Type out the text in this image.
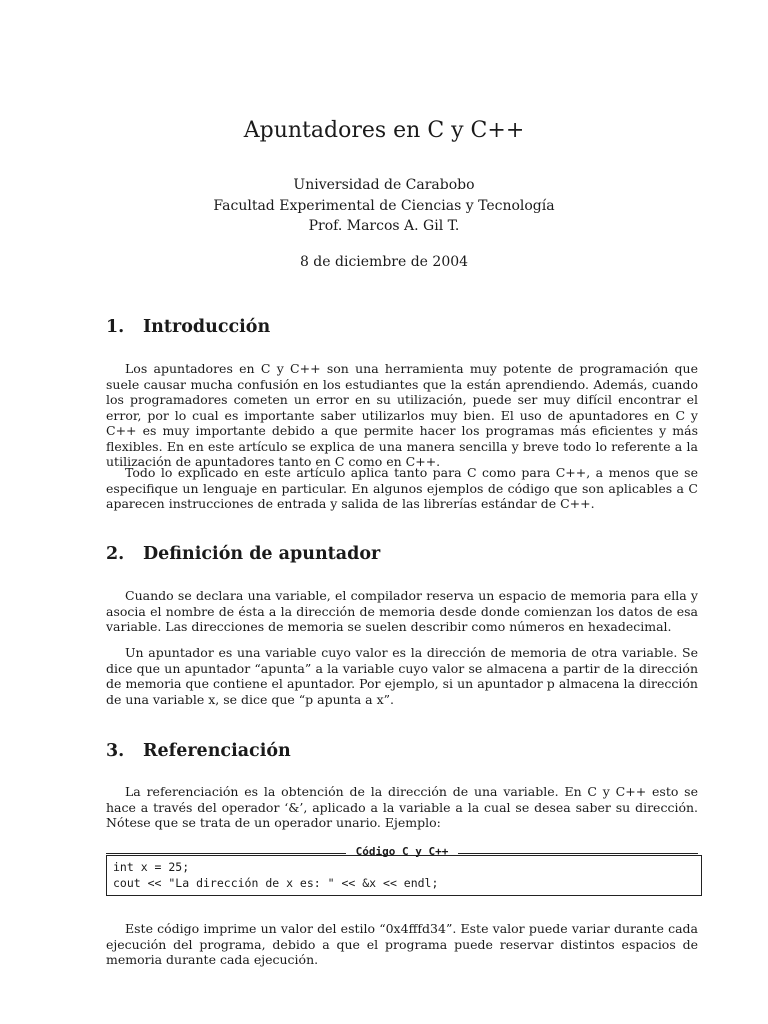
Apuntadores en C y C++
Universidad de Carabobo
Facultad Experimental de Ciencias y Tecnología
Prof. Marcos A. Gil T.
8 de diciembre de 2004
1. Introducción

Los apuntadores en C y C++ son una herramienta muy potente de programación que suele causar mucha confusión en los estudiantes que la están aprendiendo. Además, cuando los programadores cometen un error en su utilización, puede ser muy difícil encontrar el error, por lo cual es importante saber utilizarlos muy bien. El uso de apuntadores en C y C++ es muy importante debido a que permite hacer los programas más eficientes y más flexibles. En en este artículo se explica de una manera sencilla y breve todo lo referente a la utilización de apuntadores tanto en C como en C++.

Todo lo explicado en este artículo aplica tanto para C como para C++, a menos que se especifique un lenguaje en particular. En algunos ejemplos de código que son aplicables a C aparecen instrucciones de entrada y salida de las librerías estándar de C++.

2. Definición de apuntador

Cuando se declara una variable, el compilador reserva un espacio de memoria para ella y asocia el nombre de ésta a la dirección de memoria desde donde comienzan los datos de esa variable. Las direcciones de memoria se suelen describir como números en hexadecimal.

Un apuntador es una variable cuyo valor es la dirección de memoria de otra variable. Se dice que un apuntador “apunta” a la variable cuyo valor se almacena a partir de la dirección de memoria que contiene el apuntador. Por ejemplo, si un apuntador p almacena la dirección de una variable x, se dice que “p apunta a x”.

3. Referenciación

La referenciación es la obtención de la dirección de una variable. En C y C++ esto se hace a través del operador ‘&’, aplicado a la variable a la cual se desea saber su dirección. Nótese que se trata de un operador unario. Ejemplo:

Código C y C++
int x = 25;
cout << "La dirección de x es: " << &x << endl;

Este código imprime un valor del estilo “0x4fffd34”. Este valor puede variar durante cada ejecución del programa, debido a que el programa puede reservar distintos espacios de memoria durante cada ejecución.
